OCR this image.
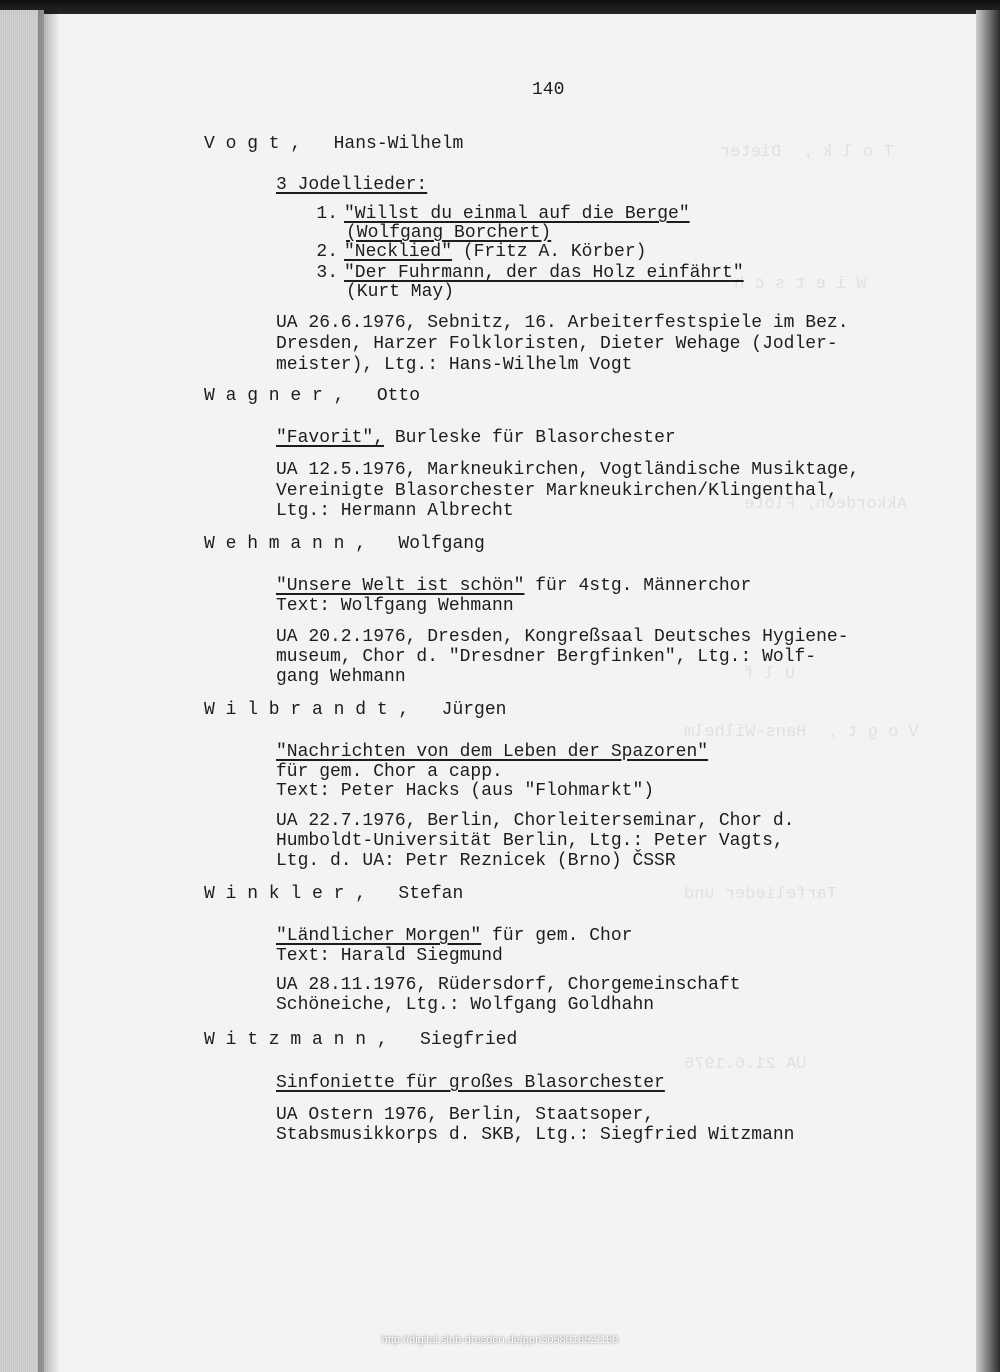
140
V o g t ,   Hans-Wilhelm
3 Jodellieder:
1. "Willst du einmal auf die Berge"
(Wolfgang Borchert)
2. "Necklied" (Fritz A. Körber)
3. "Der Fuhrmann, der das Holz einfährt"
(Kurt May)
UA 26.6.1976, Sebnitz, 16. Arbeiterfestspiele im Bez.
Dresden, Harzer Folkloristen, Dieter Wehage (Jodler-
meister), Ltg.: Hans-Wilhelm Vogt
W a g n e r ,   Otto
"Favorit", Burleske für Blasorchester
UA 12.5.1976, Markneukirchen, Vogtländische Musiktage,
Vereinigte Blasorchester Markneukirchen/Klingenthal,
Ltg.: Hermann Albrecht
W e h m a n n ,   Wolfgang
"Unsere Welt ist schön" für 4stg. Männerchor
Text: Wolfgang Wehmann
UA 20.2.1976, Dresden, Kongreßsaal Deutsches Hygiene-
museum, Chor d. "Dresdner Bergfinken", Ltg.: Wolf-
gang Wehmann
W i l b r a n d t ,   Jürgen
"Nachrichten von dem Leben der Spazoren"
für gem. Chor a capp.
Text: Peter Hacks (aus "Flohmarkt")
UA 22.7.1976, Berlin, Chorleiterseminar, Chor d.
Humboldt-Universität Berlin, Ltg.: Peter Vagts,
Ltg. d. UA: Petr Reznicek (Brno) ČSSR
W i n k l e r ,   Stefan
"Ländlicher Morgen" für gem. Chor
Text: Harald Siegmund
UA 28.11.1976, Rüdersdorf, Chorgemeinschaft
Schöneiche, Ltg.: Wolfgang Goldhahn
W i t z m a n n ,   Siegfried
Sinfoniette für großes Blasorchester
UA Ostern 1976, Berlin, Staatsoper,
Stabsmusikkorps d. SKB, Ltg.: Siegfried Witzmann
http://digital.slub-dresden.de/ppn30580165Z/150
